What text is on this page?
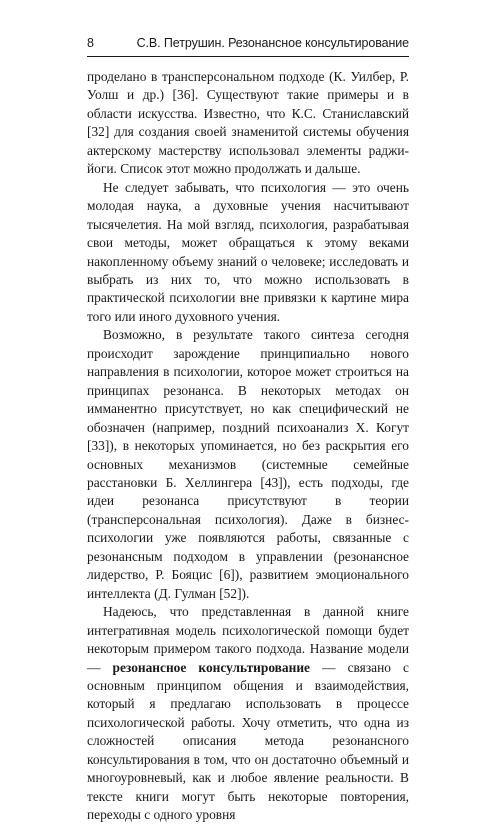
8	С.В. Петрушин. Резонансное консультирование

проделано в трансперсональном подходе (К. Уилбер, Р. Уолш и др.) [36]. Существуют такие примеры и в области искусства. Известно, что К.С. Станиславский [32] для создания своей знаменитой системы обучения актерскому мастерству использовал элементы раджи-йоги. Список этот можно продолжать и дальше.

Не следует забывать, что психология — это очень молодая наука, а духовные учения насчитывают тысячелетия. На мой взгляд, психология, разрабатывая свои методы, может обращаться к этому веками накопленному объему знаний о человеке; исследовать и выбрать из них то, что можно использовать в практической психологии вне привязки к картине мира того или иного духовного учения.

Возможно, в результате такого синтеза сегодня происходит зарождение принципиально нового направления в психологии, которое может строиться на принципах резонанса. В некоторых методах он имманентно присутствует, но как специфический не обозначен (например, поздний психоанализ Х. Когут [33]), в некоторых упоминается, но без раскрытия его основных механизмов (системные семейные расстановки Б. Хеллингера [43]), есть подходы, где идеи резонанса присутствуют в теории (трансперсональная психология). Даже в бизнес-психологии уже появляются работы, связанные с резонансным подходом в управлении (резонансное лидерство, Р. Бояцис [6]), развитием эмоционального интеллекта (Д. Гулман [52]).

Надеюсь, что представленная в данной книге интегративная модель психологической помощи будет некоторым примером такого подхода. Название модели — резонансное консультирование — связано с основным принципом общения и взаимодействия, который я предлагаю использовать в процессе психологической работы. Хочу отметить, что одна из сложностей описания метода резонансного консультирования в том, что он достаточно объемный и многоуровневый, как и любое явление реальности. В тексте книги могут быть некоторые повторения, переходы с одного уровня
